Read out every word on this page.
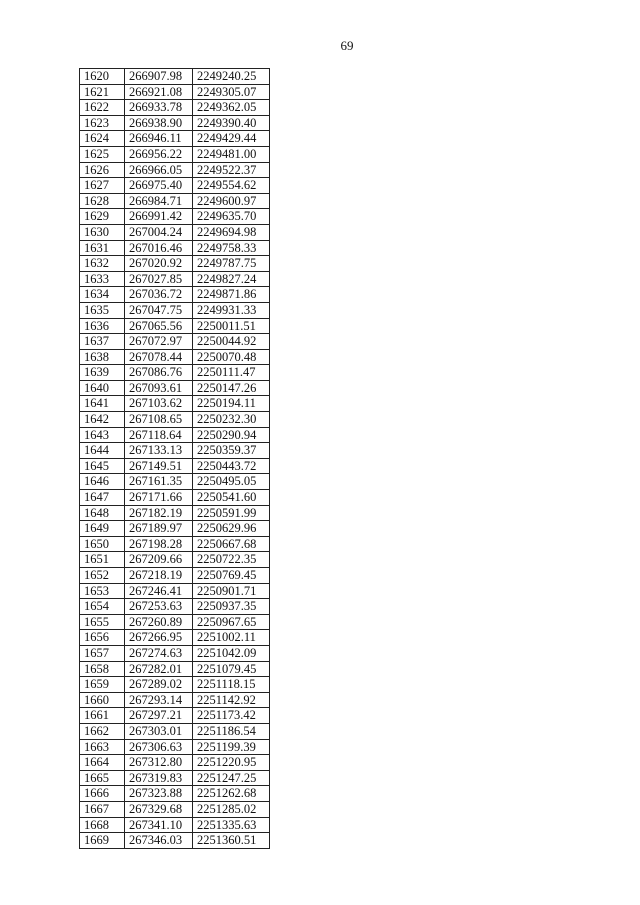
69
1620	266907.98	2249240.25
1621	266921.08	2249305.07
1622	266933.78	2249362.05
1623	266938.90	2249390.40
1624	266946.11	2249429.44
1625	266956.22	2249481.00
1626	266966.05	2249522.37
1627	266975.40	2249554.62
1628	266984.71	2249600.97
1629	266991.42	2249635.70
1630	267004.24	2249694.98
1631	267016.46	2249758.33
1632	267020.92	2249787.75
1633	267027.85	2249827.24
1634	267036.72	2249871.86
1635	267047.75	2249931.33
1636	267065.56	2250011.51
1637	267072.97	2250044.92
1638	267078.44	2250070.48
1639	267086.76	2250111.47
1640	267093.61	2250147.26
1641	267103.62	2250194.11
1642	267108.65	2250232.30
1643	267118.64	2250290.94
1644	267133.13	2250359.37
1645	267149.51	2250443.72
1646	267161.35	2250495.05
1647	267171.66	2250541.60
1648	267182.19	2250591.99
1649	267189.97	2250629.96
1650	267198.28	2250667.68
1651	267209.66	2250722.35
1652	267218.19	2250769.45
1653	267246.41	2250901.71
1654	267253.63	2250937.35
1655	267260.89	2250967.65
1656	267266.95	2251002.11
1657	267274.63	2251042.09
1658	267282.01	2251079.45
1659	267289.02	2251118.15
1660	267293.14	2251142.92
1661	267297.21	2251173.42
1662	267303.01	2251186.54
1663	267306.63	2251199.39
1664	267312.80	2251220.95
1665	267319.83	2251247.25
1666	267323.88	2251262.68
1667	267329.68	2251285.02
1668	267341.10	2251335.63
1669	267346.03	2251360.51
